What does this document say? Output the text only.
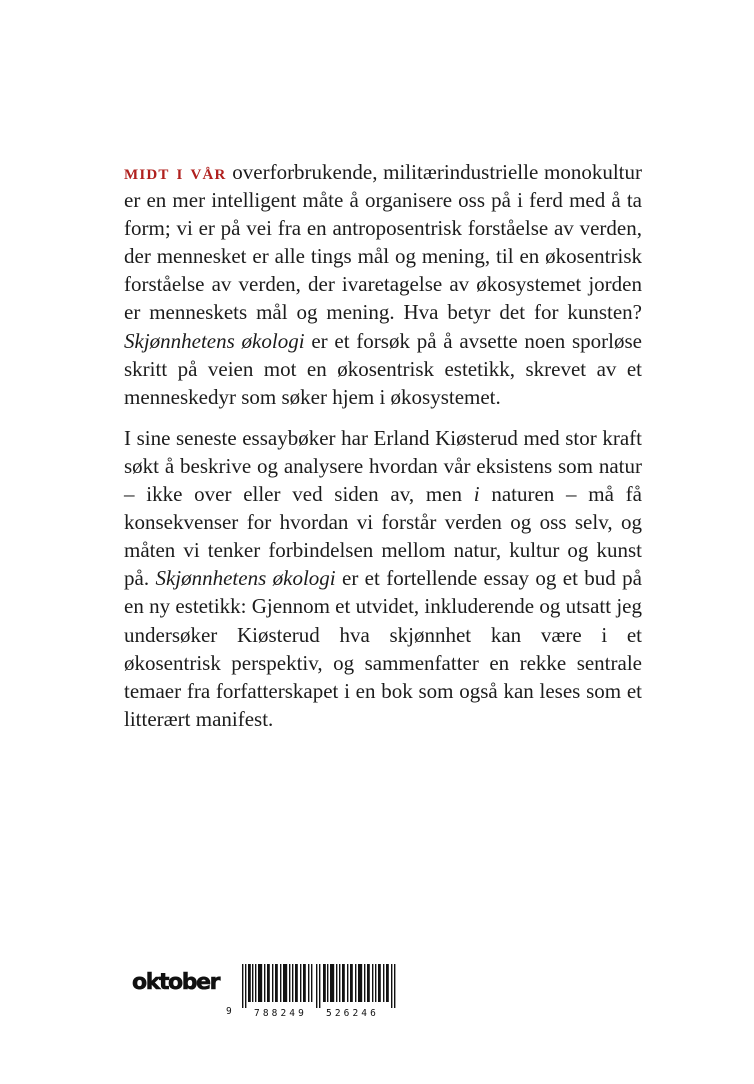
midt i vår overforbrukende, militærindustrielle monokultur er en mer intelligent måte å organisere oss på i ferd med å ta form; vi er på vei fra en antroposentrisk forståelse av verden, der mennesket er alle tings mål og mening, til en økosentrisk forståelse av verden, der ivaretagelse av økosystemet jorden er menneskets mål og mening. Hva betyr det for kunsten? Skjønnhetens økologi er et forsøk på å avsette noen sporløse skritt på veien mot en økosentrisk estetikk, skrevet av et menneskedyr som søker hjem i økosystemet.

I sine seneste essaybøker har Erland Kiøsterud med stor kraft søkt å beskrive og analysere hvordan vår eksistens som natur – ikke over eller ved siden av, men i naturen – må få konsekvenser for hvordan vi forstår verden og oss selv, og måten vi tenker forbindelsen mellom natur, kultur og kunst på. Skjønnhetens økologi er et fortellende essay og et bud på en ny estetikk: Gjennom et utvidet, inkluderende og utsatt jeg undersøker Kiøsterud hva skjønnhet kan være i et økosentrisk perspektiv, og sammenfatter en rekke sentrale temaer fra forfatterskapet i en bok som også kan leses som et litterært manifest.

oktober
9 788249 526246
